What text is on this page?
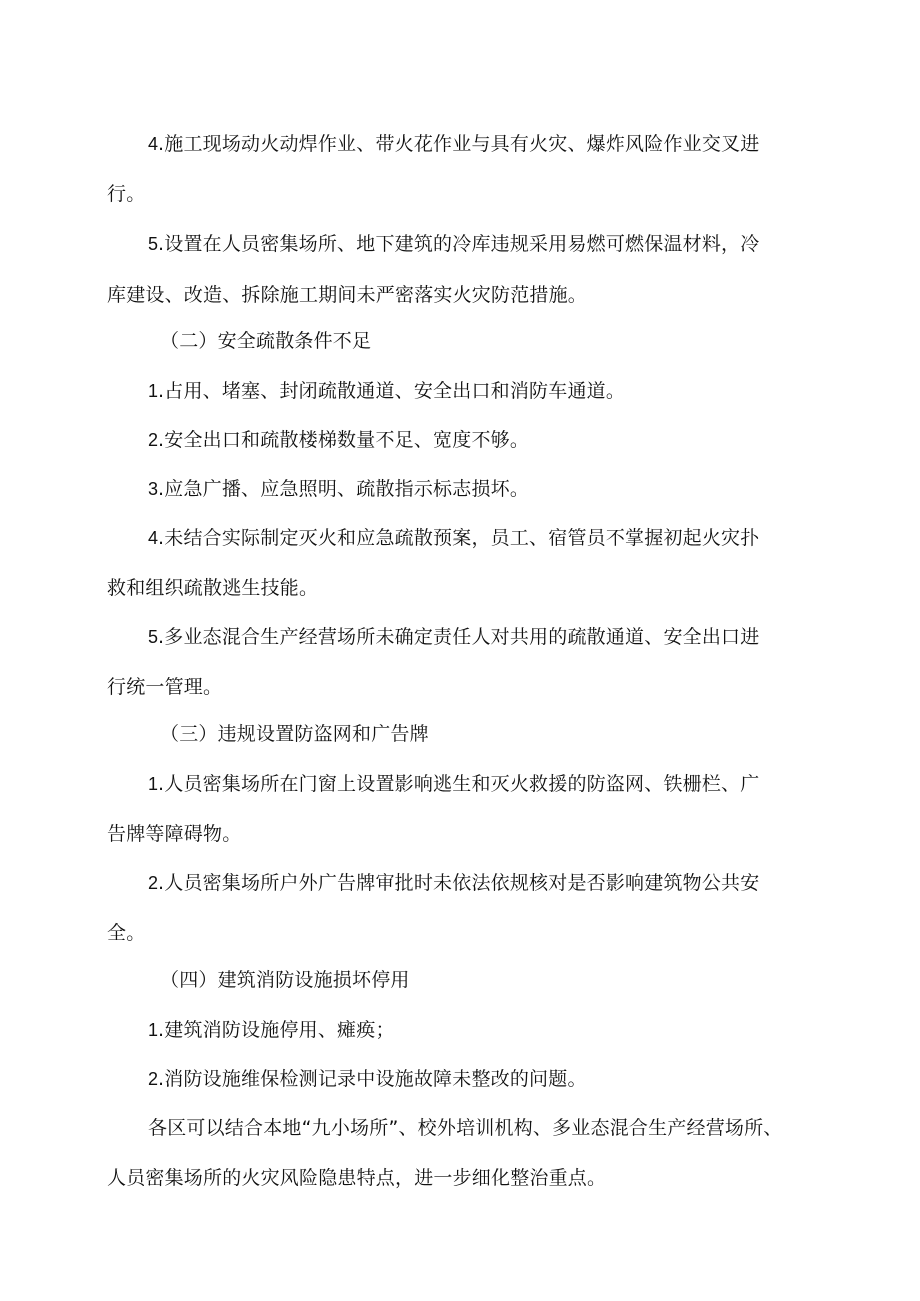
4.施工现场动火动焊作业、带火花作业与具有火灾、爆炸风险作业交叉进
行。
5.设置在人员密集场所、地下建筑的冷库违规采用易燃可燃保温材料，冷
库建设、改造、拆除施工期间未严密落实火灾防范措施。
（二）安全疏散条件不足
1.占用、堵塞、封闭疏散通道、安全出口和消防车通道。
2.安全出口和疏散楼梯数量不足、宽度不够。
3.应急广播、应急照明、疏散指示标志损坏。
4.未结合实际制定灭火和应急疏散预案，员工、宿管员不掌握初起火灾扑
救和组织疏散逃生技能。
5.多业态混合生产经营场所未确定责任人对共用的疏散通道、安全出口进
行统一管理。
（三）违规设置防盗网和广告牌
1.人员密集场所在门窗上设置影响逃生和灭火救援的防盗网、铁栅栏、广
告牌等障碍物。
2.人员密集场所户外广告牌审批时未依法依规核对是否影响建筑物公共安
全。
（四）建筑消防设施损坏停用
1.建筑消防设施停用、瘫痪；
2.消防设施维保检测记录中设施故障未整改的问题。
各区可以结合本地“九小场所”、校外培训机构、多业态混合生产经营场所、
人员密集场所的火灾风险隐患特点，进一步细化整治重点。
